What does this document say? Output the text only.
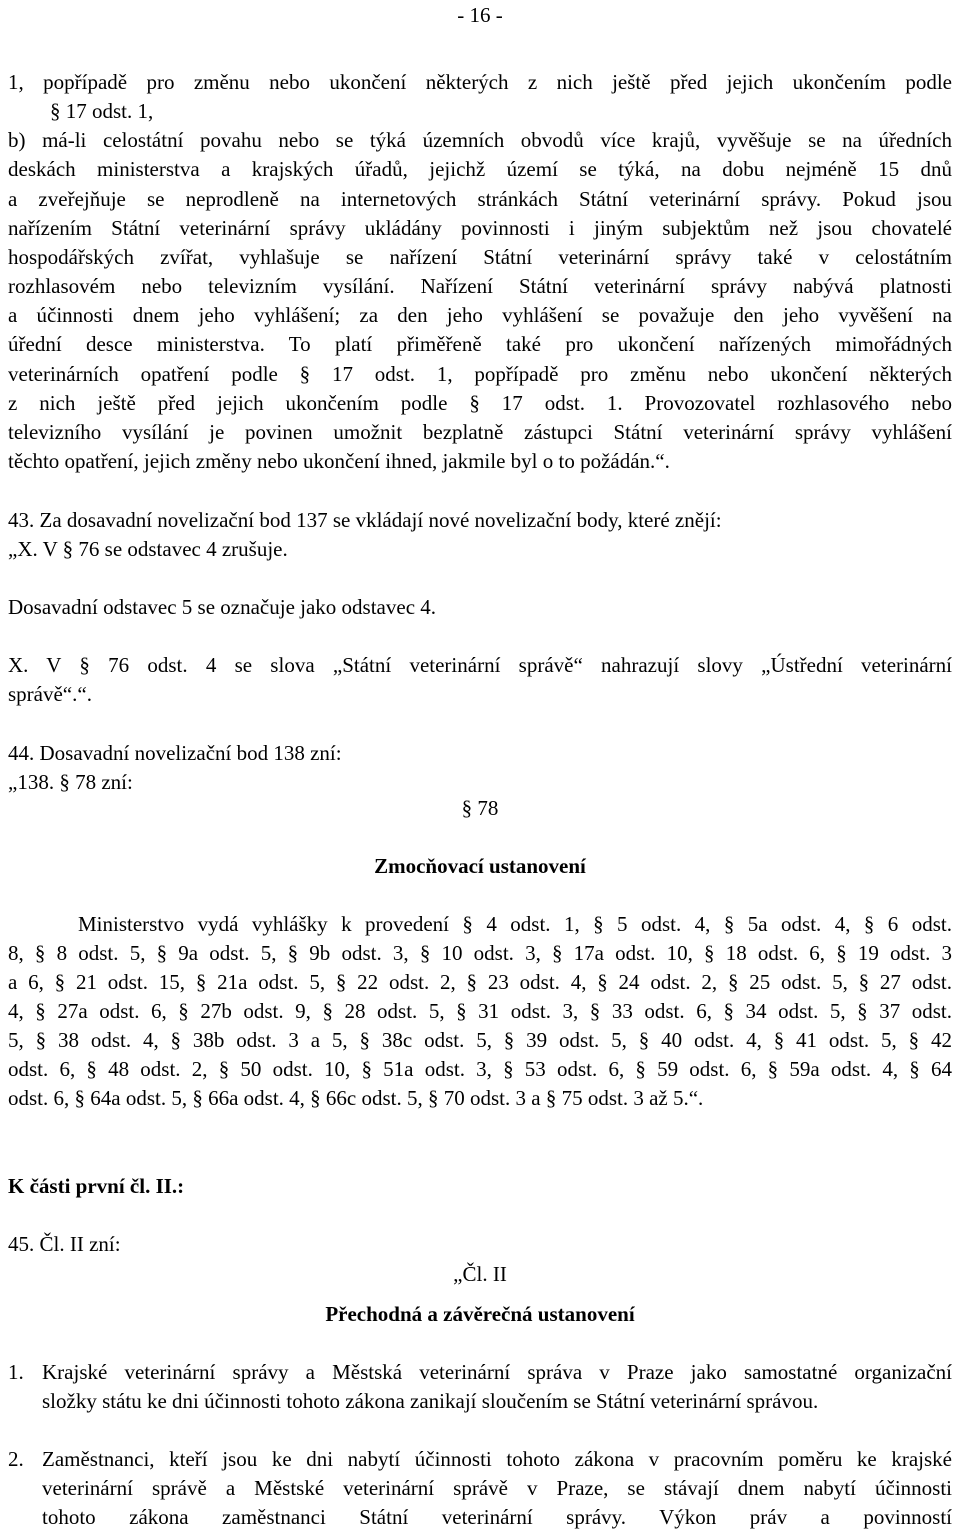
- 16 -
1, popřípadě pro změnu nebo ukončení některých z nich ještě před jejich ukončením podle
§ 17 odst. 1,
b) má-li celostátní povahu nebo se týká územních obvodů více krajů, vyvěšuje se na úředních
deskách ministerstva a krajských úřadů, jejichž území se týká, na dobu nejméně 15 dnů
a zveřejňuje se neprodleně na internetových stránkách Státní veterinární správy. Pokud jsou
nařízením Státní veterinární správy ukládány povinnosti i jiným subjektům než jsou chovatelé
hospodářských zvířat, vyhlašuje se nařízení Státní veterinární správy také v celostátním
rozhlasovém nebo televizním vysílání. Nařízení Státní veterinární správy nabývá platnosti
a účinnosti dnem jeho vyhlášení; za den jeho vyhlášení se považuje den jeho vyvěšení na
úřední desce ministerstva. To platí přiměřeně také pro ukončení nařízených mimořádných
veterinárních opatření podle § 17 odst. 1, popřípadě pro změnu nebo ukončení některých
z nich ještě před jejich ukončením podle § 17 odst. 1. Provozovatel rozhlasového nebo
televizního vysílání je povinen umožnit bezplatně zástupci Státní veterinární správy vyhlášení
těchto opatření, jejich změny nebo ukončení ihned, jakmile byl o to požádán.“.
43. Za dosavadní novelizační bod 137 se vkládají nové novelizační body, které znějí:
„X. V § 76 se odstavec 4 zrušuje.
Dosavadní odstavec 5 se označuje jako odstavec 4.
X. V § 76 odst. 4 se slova „Státní veterinární správě“ nahrazují slovy „Ústřední veterinární
správě“.“.
44. Dosavadní novelizační bod 138 zní:
„138. § 78 zní:
§ 78
Zmocňovací ustanovení
Ministerstvo vydá vyhlášky k provedení § 4 odst. 1, § 5 odst. 4, § 5a odst. 4, § 6 odst.
8, § 8 odst. 5, § 9a odst. 5, § 9b odst. 3, § 10 odst. 3, § 17a odst. 10, § 18 odst. 6, § 19 odst. 3
a 6, § 21 odst. 15, § 21a odst. 5, § 22 odst. 2, § 23 odst. 4, § 24 odst. 2, § 25 odst. 5, § 27 odst.
4, § 27a odst. 6, § 27b odst. 9, § 28 odst. 5, § 31 odst. 3, § 33 odst. 6, § 34 odst. 5, § 37 odst.
5, § 38 odst. 4, § 38b odst. 3 a 5, § 38c odst. 5, § 39 odst. 5, § 40 odst. 4, § 41 odst. 5, § 42
odst. 6, § 48 odst. 2, § 50 odst. 10, § 51a odst. 3, § 53 odst. 6, § 59 odst. 6, § 59a odst. 4, § 64
odst. 6, § 64a odst. 5, § 66a odst. 4, § 66c odst. 5, § 70 odst. 3 a § 75 odst. 3 až 5.“.
K části první čl. II.:
45. Čl. II zní:
„Čl. II
Přechodná a závěrečná ustanovení
1. Krajské veterinární správy a Městská veterinární správa v Praze jako samostatné organizační
složky státu ke dni účinnosti tohoto zákona zanikají sloučením se Státní veterinární správou.
2. Zaměstnanci, kteří jsou ke dni nabytí účinnosti tohoto zákona v pracovním poměru ke krajské
veterinární správě a Městské veterinární správě v Praze, se stávají dnem nabytí účinnosti
tohoto zákona zaměstnanci Státní veterinární správy. Výkon práv a povinností
